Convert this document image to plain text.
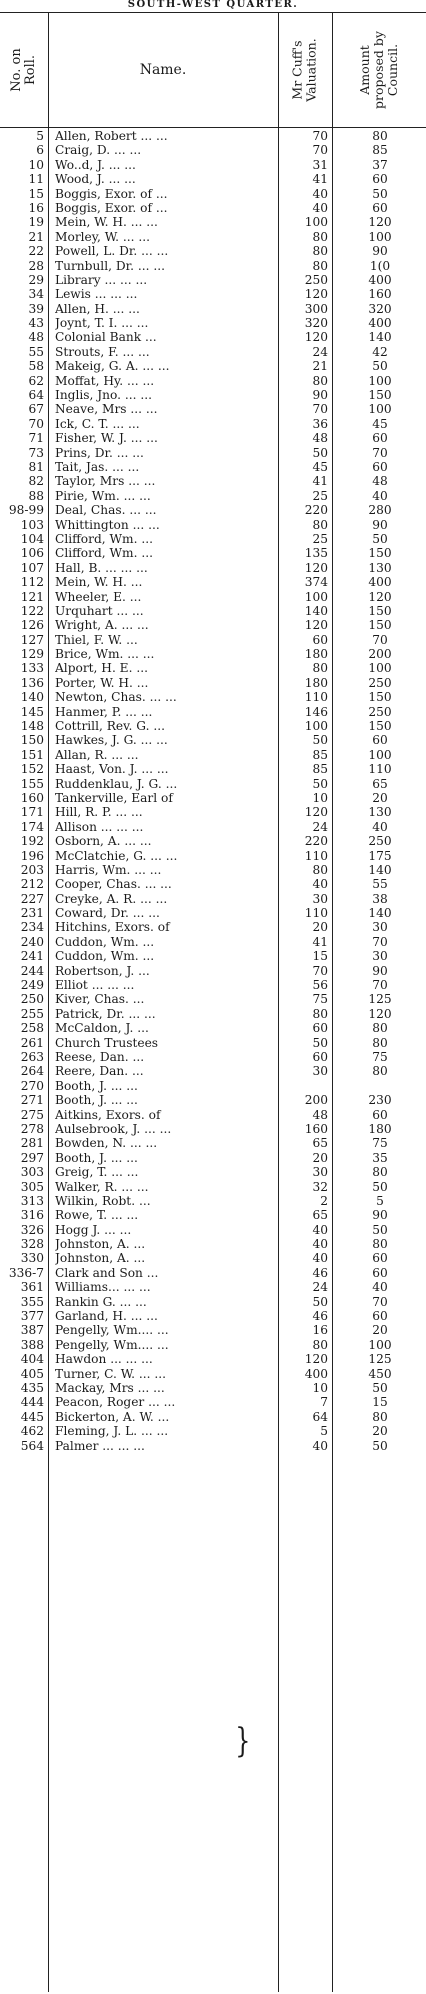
SOUTH-WEST QUARTER.
No. on Roll.	Name.	Mr Cuff's Valuation.	Amount proposed by Council.
5 Allen, Robert ... ...	70	80
6 Craig, D. ... ...	70	85
10 Wo..d, J. ... ...	31	37
11 Wood, J. ... ...	41	60
15 Boggis, Exor. of ...	40	50
16 Boggis, Exor. of ...	40	60
19 Mein, W. H. ... ...	100	120
21 Morley, W. ... ...	80	100
22 Powell, L. Dr. ... ...	80	90
28 Turnbull, Dr. ... ...	80	1(0
29 Library ... ... ...	250	400
34 Lewis ... ... ...	120	160
39 Allen, H. ... ...	300	320
43 Joynt, T. I. ... ...	320	400
48 Colonial Bank ...	120	140
55 Strouts, F. ... ...	24	42
58 Makeig, G. A. ... ...	21	50
62 Moffat, Hy. ... ...	80	100
64 Inglis, Jno. ... ...	90	150
67 Neave, Mrs ... ...	70	100
70 Ick, C. T. ... ...	36	45
71 Fisher, W. J. ... ...	48	60
73 Prins, Dr. ... ...	50	70
81 Tait, Jas. ... ...	45	60
82 Taylor, Mrs ... ...	41	48
88 Pirie, Wm. ... ...	25	40
98-99 Deal, Chas. ... ...	220	280
103 Whittington ... ...	80	90
104 Clifford, Wm. ...	25	50
106 Clifford, Wm. ...	135	150
107 Hall, B. ... ... ...	120	130
112 Mein, W. H. ...	374	400
121 Wheeler, E. ...	100	120
122 Urquhart ... ...	140	150
126 Wright, A. ... ...	120	150
127 Thiel, F. W. ...	60	70
129 Brice, Wm. ... ...	180	200
133 Alport, H. E. ...	80	100
136 Porter, W. H. ...	180	250
140 Newton, Chas. ... ...	110	150
145 Hanmer, P. ... ...	146	250
148 Cottrill, Rev. G. ...	100	150
150 Hawkes, J. G. ... ...	50	60
151 Allan, R. ... ...	85	100
152 Haast, Von. J. ... ...	85	110
155 Ruddenklau, J. G. ...	50	65
160 Tankerville, Earl of	10	20
171 Hill, R. P. ... ...	120	130
174 Allison ... ... ...	24	40
192 Osborn, A. ... ...	220	250
196 McClatchie, G. ... ...	110	175
203 Harris, Wm. ... ...	80	140
212 Cooper, Chas. ... ...	40	55
227 Creyke, A. R. ... ...	30	38
231 Coward, Dr. ... ...	110	140
234 Hitchins, Exors. of	20	30
240 Cuddon, Wm. ...	41	70
241 Cuddon, Wm. ...	15	30
244 Robertson, J. ...	70	90
249 Elliot ... ... ...	56	70
250 Kiver, Chas. ...	75	125
255 Patrick, Dr. ... ...	80	120
258 McCaldon, J. ...	60	80
261 Church Trustees	50	80
263 Reese, Dan. ...	60	75
264 Reere, Dan. ...	30	80
270 Booth, J. ... ...
271 Booth, J. ... ...	200	230
275 Aitkins, Exors. of	48	60
278 Aulsebrook, J. ... ...	160	180
281 Bowden, N. ... ...	65	75
297 Booth, J. ... ...	20	35
303 Greig, T. ... ...	30	80
305 Walker, R. ... ...	32	50
313 Wilkin, Robt. ...	2	5
316 Rowe, T. ... ...	65	90
326 Hogg J. ... ...	40	50
328 Johnston, A. ...	40	80
330 Johnston, A. ...	40	60
336-7 Clark and Son ...	46	60
361 Williams... ... ...	24	40
355 Rankin G. ... ...	50	70
377 Garland, H. ... ...	46	60
387 Pengelly, Wm.... ...	16	20
388 Pengelly, Wm.... ...	80	100
404 Hawdon ... ... ...	120	125
405 Turner, C. W. ... ...	400	450
435 Mackay, Mrs ... ...	10	50
444 Peacon, Roger ... ...	7	15
445 Bickerton, A. W. ...	64	80
462 Fleming, J. L. ... ...	5	20
564 Palmer ... ... ...	40	50
}
